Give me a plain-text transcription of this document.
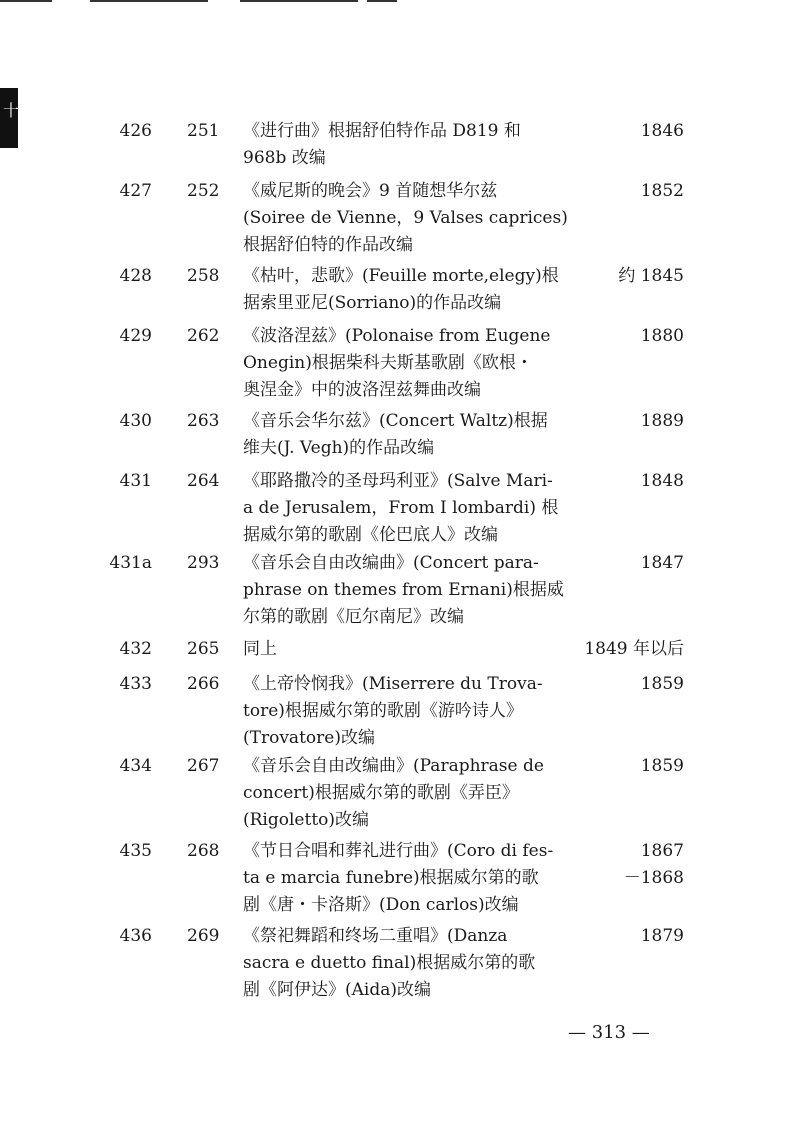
十
426 251 《进行曲》根据舒伯特作品 D819 和
968b 改编
1846
427 252 《威尼斯的晚会》9 首随想华尔兹
(Soiree de Vienne，9 Valses caprices)
根据舒伯特的作品改编
1852
428 258 《枯叶，悲歌》(Feuille morte,elegy)根
据索里亚尼(Sorriano)的作品改编
约 1845
429 262 《波洛涅兹》(Polonaise from Eugene
Onegin)根据柴科夫斯基歌剧《欧根・
奥涅金》中的波洛涅兹舞曲改编
1880
430 263 《音乐会华尔兹》(Concert Waltz)根据
维夫(J. Vegh)的作品改编
1889
431 264 《耶路撒冷的圣母玛利亚》(Salve Mari-
a de Jerusalem，From I lombardi) 根
据威尔第的歌剧《伦巴底人》改编
1848
431a 293 《音乐会自由改编曲》(Concert para-
phrase on themes from Ernani)根据威
尔第的歌剧《厄尔南尼》改编
1847
432 265 同上	1849 年以后
433 266 《上帝怜悯我》(Miserrere du Trova-
tore)根据威尔第的歌剧《游吟诗人》
(Trovatore)改编
1859
434 267 《音乐会自由改编曲》(Paraphrase de
concert)根据威尔第的歌剧《弄臣》
(Rigoletto)改编
1859
435 268 《节日合唱和葬礼进行曲》(Coro di fes-
ta e marcia funebre)根据威尔第的歌
剧《唐・卡洛斯》(Don carlos)改编
1867
－1868
436 269 《祭祀舞蹈和终场二重唱》(Danza
sacra e duetto final)根据威尔第的歌
剧《阿伊达》(Aida)改编
1879
— 313 —
